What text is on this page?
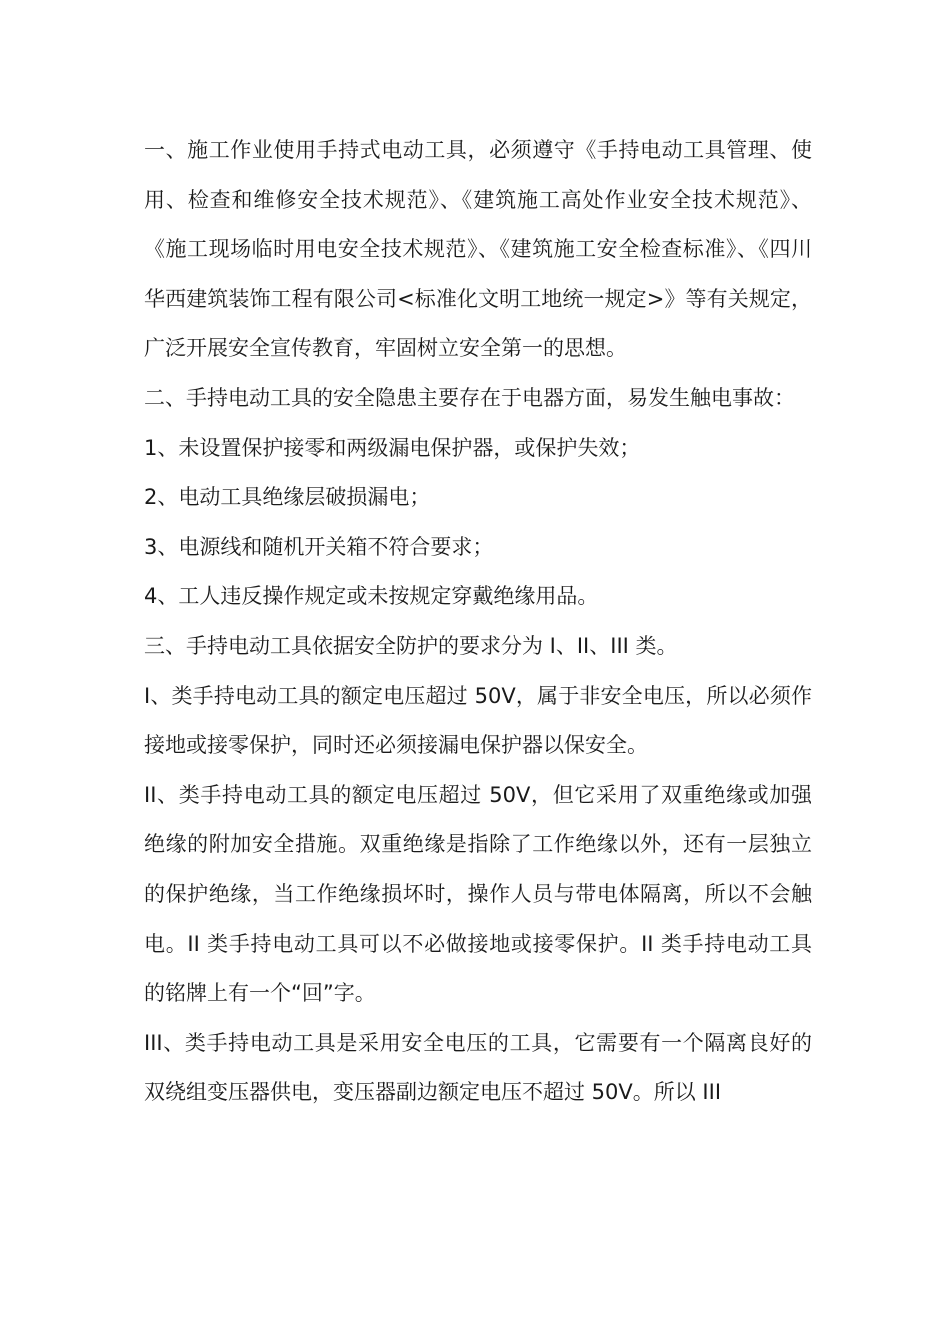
一、施工作业使用手持式电动工具，必须遵守《手持电动工具管理、使用、检查和维修安全技术规范》、《建筑施工高处作业安全技术规范》、《施工现场临时用电安全技术规范》、《建筑施工安全检查标准》、《四川华西建筑装饰工程有限公司<标准化文明工地统一规定>》等有关规定，广泛开展安全宣传教育，牢固树立安全第一的思想。

二、手持电动工具的安全隐患主要存在于电器方面，易发生触电事故：

1、未设置保护接零和两级漏电保护器，或保护失效；

2、电动工具绝缘层破损漏电；

3、电源线和随机开关箱不符合要求；

4、工人违反操作规定或未按规定穿戴绝缘用品。

三、手持电动工具依据安全防护的要求分为 I、II、III 类。

I、类手持电动工具的额定电压超过 50V，属于非安全电压，所以必须作接地或接零保护，同时还必须接漏电保护器以保安全。

II、类手持电动工具的额定电压超过 50V，但它采用了双重绝缘或加强绝缘的附加安全措施。双重绝缘是指除了工作绝缘以外，还有一层独立的保护绝缘，当工作绝缘损坏时，操作人员与带电体隔离，所以不会触电。II 类手持电动工具可以不必做接地或接零保护。II 类手持电动工具的铭牌上有一个“回”字。

III、类手持电动工具是采用安全电压的工具，它需要有一个隔离良好的双绕组变压器供电，变压器副边额定电压不超过 50V。所以 III
